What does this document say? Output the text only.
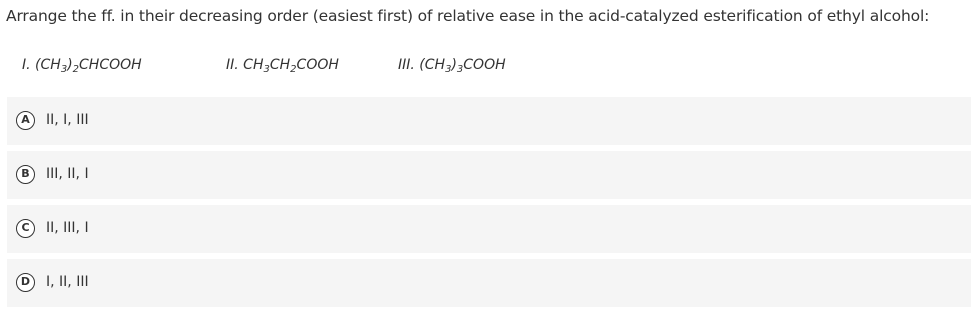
Arrange the ff. in their decreasing order (easiest first) of relative ease in the acid-catalyzed esterification of ethyl alcohol:
I. $(CH_3)_2CHCOOH$	II. $CH_3CH_2COOH$	III. $(CH_3)_3COOH$
A	II, I, III
B	III, II, I
C	II, III, I
D	I, II, III
